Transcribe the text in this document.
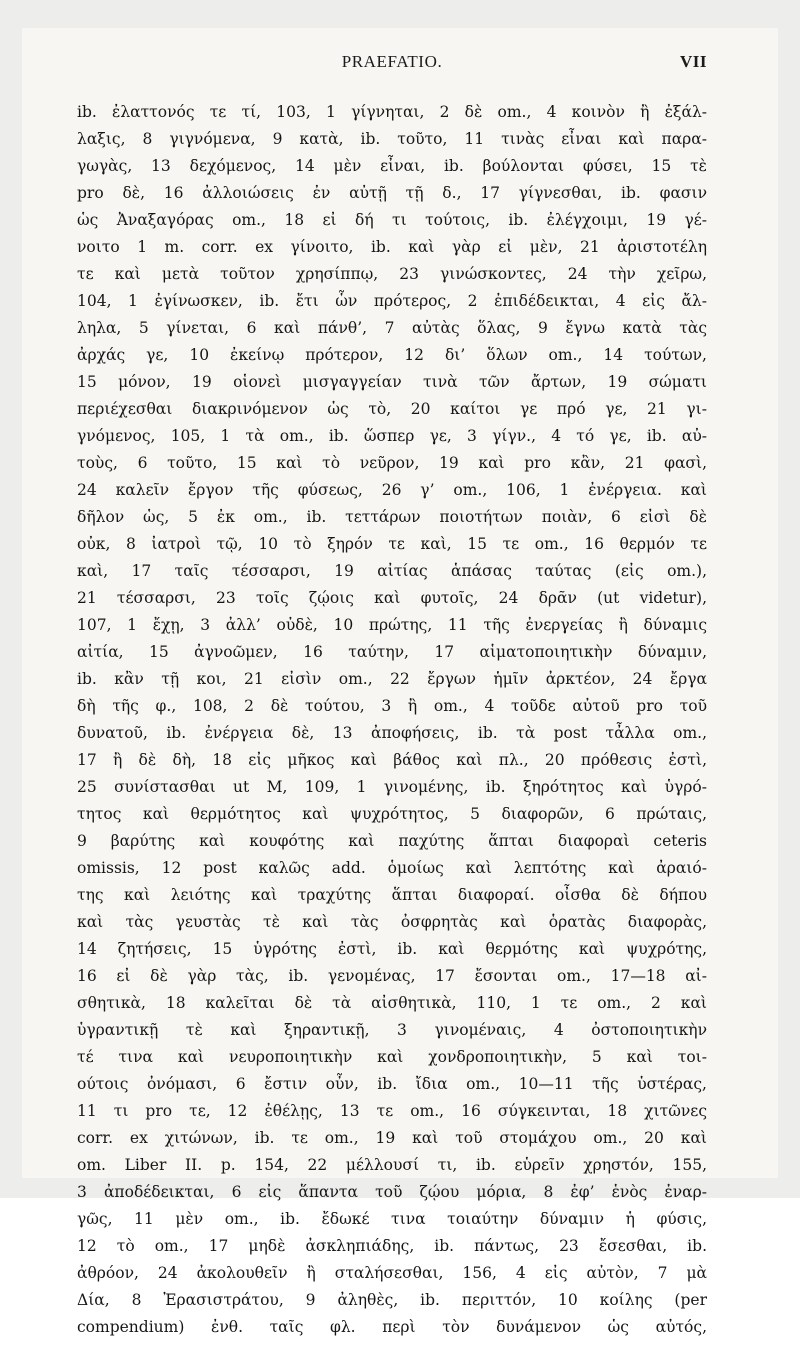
PRAEFATIO.	VII
ib. ἐλαττονός τε τί, 103, 1 γίγνηται, 2 δὲ om., 4 κοινὸν ἢ ἐξάλ-
λαξις, 8 γιγνόμενα, 9 κατὰ, ib. τοῦτο, 11 τινὰς εἶναι καὶ παρα-
γωγὰς, 13 δεχόμενος, 14 μὲν εἶναι, ib. βούλονται φύσει, 15 τὲ
pro δὲ, 16 ἀλλοιώσεις ἐν αὐτῇ τῇ δ., 17 γίγνεσθαι, ib. φασιν
ὡς Ἀναξαγόρας om., 18 εἰ δή τι τούτοις, ib. ἐλέγχοιμι, 19 γέ-
νοιτο 1 m. corr. ex γίνοιτο, ib. καὶ γὰρ εἰ μὲν, 21 ἀριστοτέλη
τε καὶ μετὰ τοῦτον χρησίππῳ, 23 γινώσκοντες, 24 τὴν χεῖρω,
104, 1 ἐγίνωσκεν, ib. ἔτι ὧν πρότερος, 2 ἐπιδέδεικται, 4 εἰς ἄλ-
ληλα, 5 γίνεται, 6 καὶ πάνθ’, 7 αὐτὰς ὅλας, 9 ἔγνω κατὰ τὰς
ἀρχάς γε, 10 ἐκείνῳ πρότερον, 12 δι’ ὅλων om., 14 τούτων,
15 μόνον, 19 οἱονεὶ μισγαγγείαν τινὰ τῶν ἄρτων, 19 σώματι
περιέχεσθαι διακρινόμενον ὡς τὸ, 20 καίτοι γε πρό γε, 21 γι-
γνόμενος, 105, 1 τὰ om., ib. ὥσπερ γε, 3 γίγν., 4 τό γε, ib. αὐ-
τοὺς, 6 τοῦτο, 15 καὶ τὸ νεῦρον, 19 καὶ pro κἂν, 21 φασὶ,
24 καλεῖν ἔργον τῆς φύσεως, 26 γ’ om., 106, 1 ἐνέργεια. καὶ
δῆλον ὡς, 5 ἐκ om., ib. τεττάρων ποιοτήτων ποιὰν, 6 εἰσὶ δὲ
οὐκ, 8 ἰατροὶ τῷ, 10 τὸ ξηρόν τε καὶ, 15 τε om., 16 θερμόν τε
καὶ, 17 ταῖς τέσσαρσι, 19 αἰτίας ἁπάσας ταύτας (εἰς om.),
21 τέσσαρσι, 23 τοῖς ζῴοις καὶ φυτοῖς, 24 δρᾶν (ut videtur),
107, 1 ἔχῃ, 3 ἀλλ’ οὐδὲ, 10 πρώτης, 11 τῆς ἐνεργείας ἢ δύναμις
αἰτία, 15 ἀγνοῶμεν, 16 ταύτην, 17 αἱματοποιητικὴν δύναμιν,
ib. κἂν τῇ κοι, 21 εἰσὶν om., 22 ἔργων ἡμῖν ἀρκτέον, 24 ἔργα
δὴ τῆς φ., 108, 2 δὲ τούτου, 3 ἢ om., 4 τοῦδε αὐτοῦ pro τοῦ
δυνατοῦ, ib. ἐνέργεια δὲ, 13 ἀποφήσεις, ib. τὰ post τἆλλα om.,
17 ἢ δὲ δὴ, 18 εἰς μῆκος καὶ βάθος καὶ πλ., 20 πρόθεσις ἐστὶ,
25 συνίστασθαι ut M, 109, 1 γινομένης, ib. ξηρότητος καὶ ὑγρό-
τητος καὶ θερμότητος καὶ ψυχρότητος, 5 διαφορῶν, 6 πρώταις,
9 βαρύτης καὶ κουφότης καὶ παχύτης ἅπται διαφοραὶ ceteris
omissis, 12 post καλῶς add. ὁμοίως καὶ λεπτότης καὶ ἀραιό-
της καὶ λειότης καὶ τραχύτης ἅπται διαφοραί. οἶσθα δὲ δήπου
καὶ τὰς γευστὰς τὲ καὶ τὰς ὀσφρητὰς καὶ ὁρατὰς διαφορὰς,
14 ζητήσεις, 15 ὑγρότης ἐστὶ, ib. καὶ θερμότης καὶ ψυχρότης,
16 εἰ δὲ γὰρ τὰς, ib. γενομένας, 17 ἔσονται om., 17—18 αἰ-
σθητικὰ, 18 καλεῖται δὲ τὰ αἰσθητικὰ, 110, 1 τε om., 2 καὶ
ὑγραντικῇ τὲ καὶ ξηραντικῇ, 3 γινομέναις, 4 ὀστοποιητικὴν
τέ τινα καὶ νευροποιητικὴν καὶ χονδροποιητικὴν, 5 καὶ τοι-
ούτοις ὀνόμασι, 6 ἔστιν οὖν, ib. ἴδια om., 10—11 τῆς ὑστέρας,
11 τι pro τε, 12 ἐθέλῃς, 13 τε om., 16 σύγκεινται, 18 χιτῶνες
corr. ex χιτώνων, ib. τε om., 19 καὶ τοῦ στομάχου om., 20 καὶ
om. Liber II. p. 154, 22 μέλλουσί τι, ib. εὑρεῖν χρηστόν, 155,
3 ἀποδέδεικται, 6 εἰς ἅπαντα τοῦ ζῴου μόρια, 8 ἐφ’ ἑνὸς ἐναρ-
γῶς, 11 μὲν om., ib. ἔδωκέ τινα τοιαύτην δύναμιν ἡ φύσις,
12 τὸ om., 17 μηδὲ ἀσκληπιάδης, ib. πάντως, 23 ἔσεσθαι, ib.
ἀθρόον, 24 ἀκολουθεῖν ἢ σταλήσεσθαι, 156, 4 εἰς αὐτὸν, 7 μὰ
Δία, 8 Ἐρασιστράτου, 9 ἀληθὲς, ib. περιττόν, 10 κοίλης (per
compendium) ἐνθ. ταῖς φλ. περὶ τὸν δυνάμενον ὡς αὐτός,
